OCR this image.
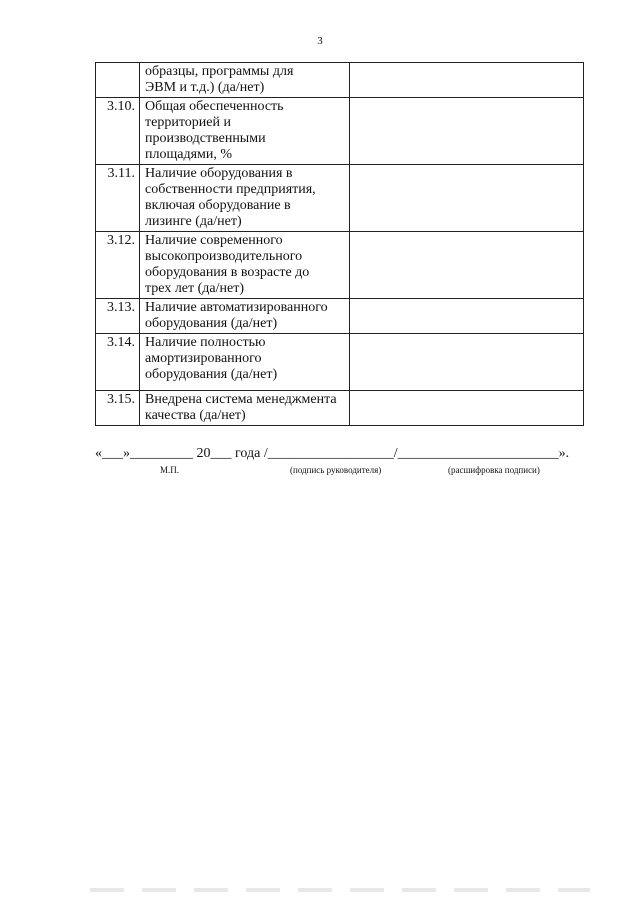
3
	образцы, программы для
ЭВМ и т.д.) (да/нет)	
3.10.	Общая обеспеченность
территорией и
производственными
площадями, %	
3.11.	Наличие оборудования в
собственности предприятия,
включая оборудование в
лизинге (да/нет)	
3.12.	Наличие современного
высокопроизводительного
оборудования в возрасте до
трех лет (да/нет)	
3.13.	Наличие автоматизированного
оборудования (да/нет)	
3.14.	Наличие полностью
амортизированного
оборудования (да/нет)	
3.15.	Внедрена система менеджмента
качества (да/нет)	
«___»_________ 20___ года /__________________/_______________________».
М.П.	(подпись руководителя)	(расшифровка подписи)
